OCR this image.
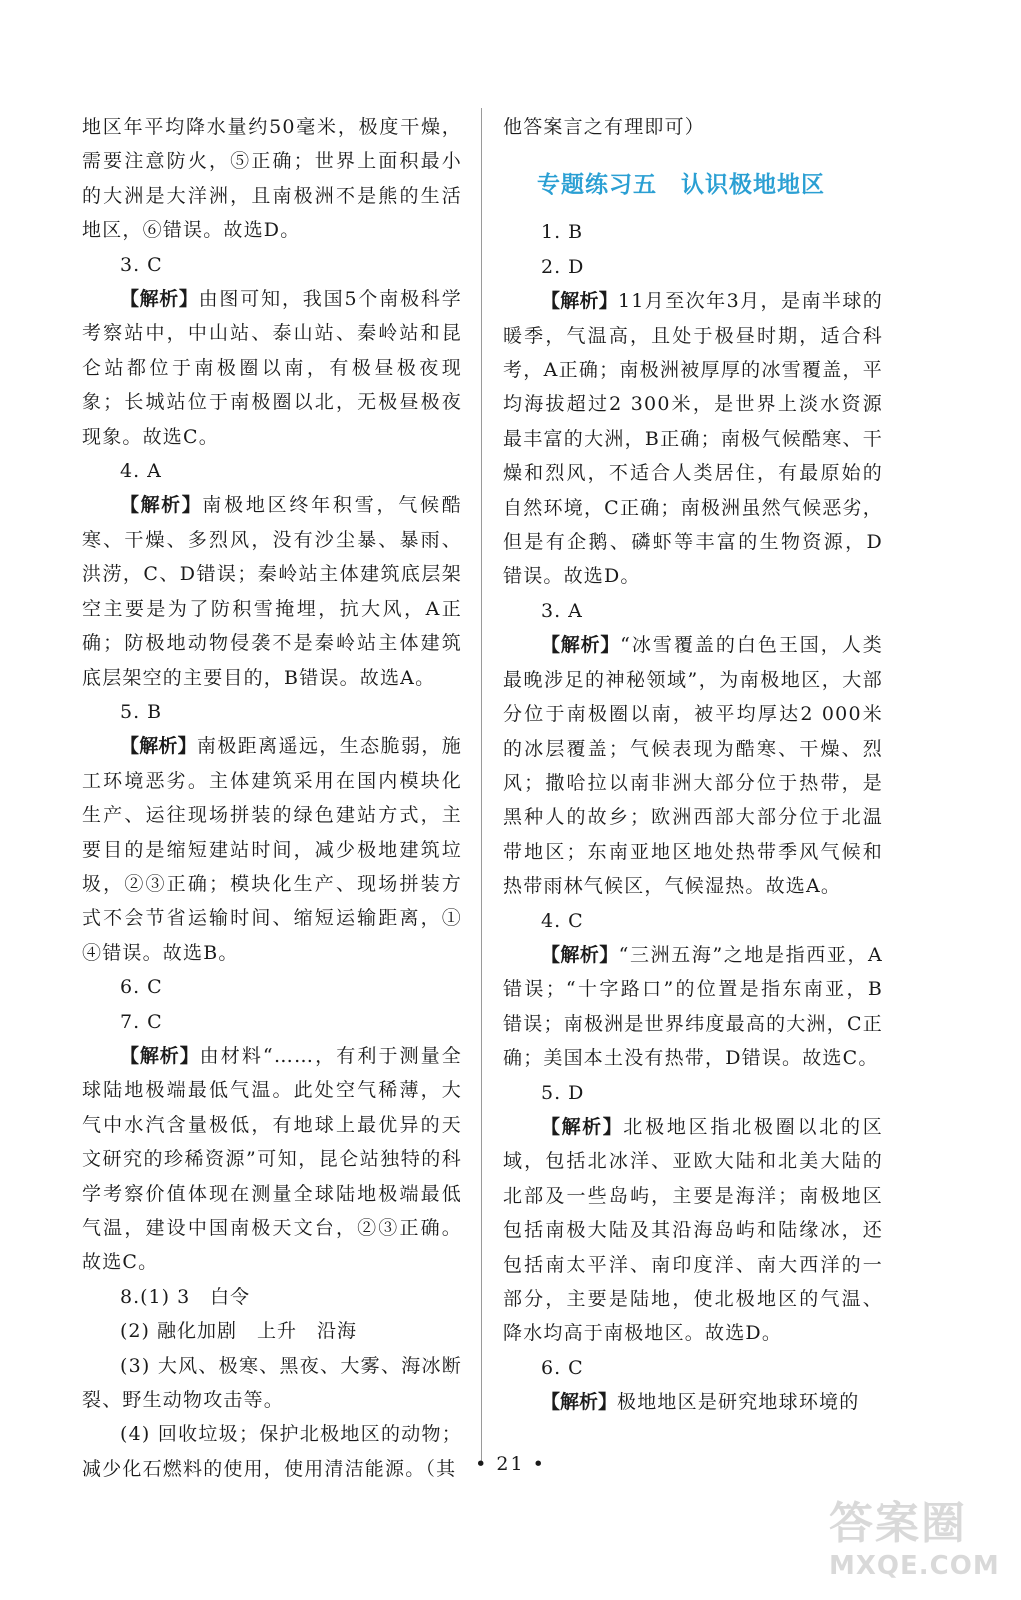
地区年平均降水量约50毫米，极度干燥，需要注意防火，⑤正确；世界上面积最小的大洲是大洋洲，且南极洲不是熊的生活地区，⑥错误。故选D。

3. C

【解析】由图可知，我国5个南极科学考察站中，中山站、泰山站、秦岭站和昆仑站都位于南极圈以南，有极昼极夜现象；长城站位于南极圈以北，无极昼极夜现象。故选C。

4. A

【解析】南极地区终年积雪，气候酷寒、干燥、多烈风，没有沙尘暴、暴雨、洪涝，C、D错误；秦岭站主体建筑底层架空主要是为了防积雪掩埋，抗大风，A正确；防极地动物侵袭不是秦岭站主体建筑底层架空的主要目的，B错误。故选A。

5. B

【解析】南极距离遥远，生态脆弱，施工环境恶劣。主体建筑采用在国内模块化生产、运往现场拼装的绿色建站方式，主要目的是缩短建站时间，减少极地建筑垃圾，②③正确；模块化生产、现场拼装方式不会节省运输时间、缩短运输距离，①④错误。故选B。

6. C

7. C

【解析】由材料“……，有利于测量全球陆地极端最低气温。此处空气稀薄，大气中水汽含量极低，有地球上最优异的天文研究的珍稀资源”可知，昆仑站独特的科学考察价值体现在测量全球陆地极端最低气温，建设中国南极天文台，②③正确。故选C。

8.(1) 3　白令

(2) 融化加剧　上升　沿海

(3) 大风、极寒、黑夜、大雾、海冰断裂、野生动物攻击等。

(4) 回收垃圾；保护北极地区的动物；减少化石燃料的使用，使用清洁能源。（其

他答案言之有理即可）

专题练习五　认识极地地区

1. B

2. D

【解析】11月至次年3月，是南半球的暖季，气温高，且处于极昼时期，适合科考，A正确；南极洲被厚厚的冰雪覆盖，平均海拔超过2 300米，是世界上淡水资源最丰富的大洲，B正确；南极气候酷寒、干燥和烈风，不适合人类居住，有最原始的自然环境，C正确；南极洲虽然气候恶劣，但是有企鹅、磷虾等丰富的生物资源，D错误。故选D。

3. A

【解析】“冰雪覆盖的白色王国，人类最晚涉足的神秘领域”，为南极地区，大部分位于南极圈以南，被平均厚达2 000米的冰层覆盖；气候表现为酷寒、干燥、烈风；撒哈拉以南非洲大部分位于热带，是黑种人的故乡；欧洲西部大部分位于北温带地区；东南亚地区地处热带季风气候和热带雨林气候区，气候湿热。故选A。

4. C

【解析】“三洲五海”之地是指西亚，A错误；“十字路口”的位置是指东南亚，B错误；南极洲是世界纬度最高的大洲，C正确；美国本土没有热带，D错误。故选C。

5. D

【解析】北极地区指北极圈以北的区域，包括北冰洋、亚欧大陆和北美大陆的北部及一些岛屿，主要是海洋；南极地区包括南极大陆及其沿海岛屿和陆缘冰，还包括南太平洋、南印度洋、南大西洋的一部分，主要是陆地，使北极地区的气温、降水均高于南极地区。故选D。

6. C

【解析】极地地区是研究地球环境的

• 21 •
答案圈
MXQE.COM
